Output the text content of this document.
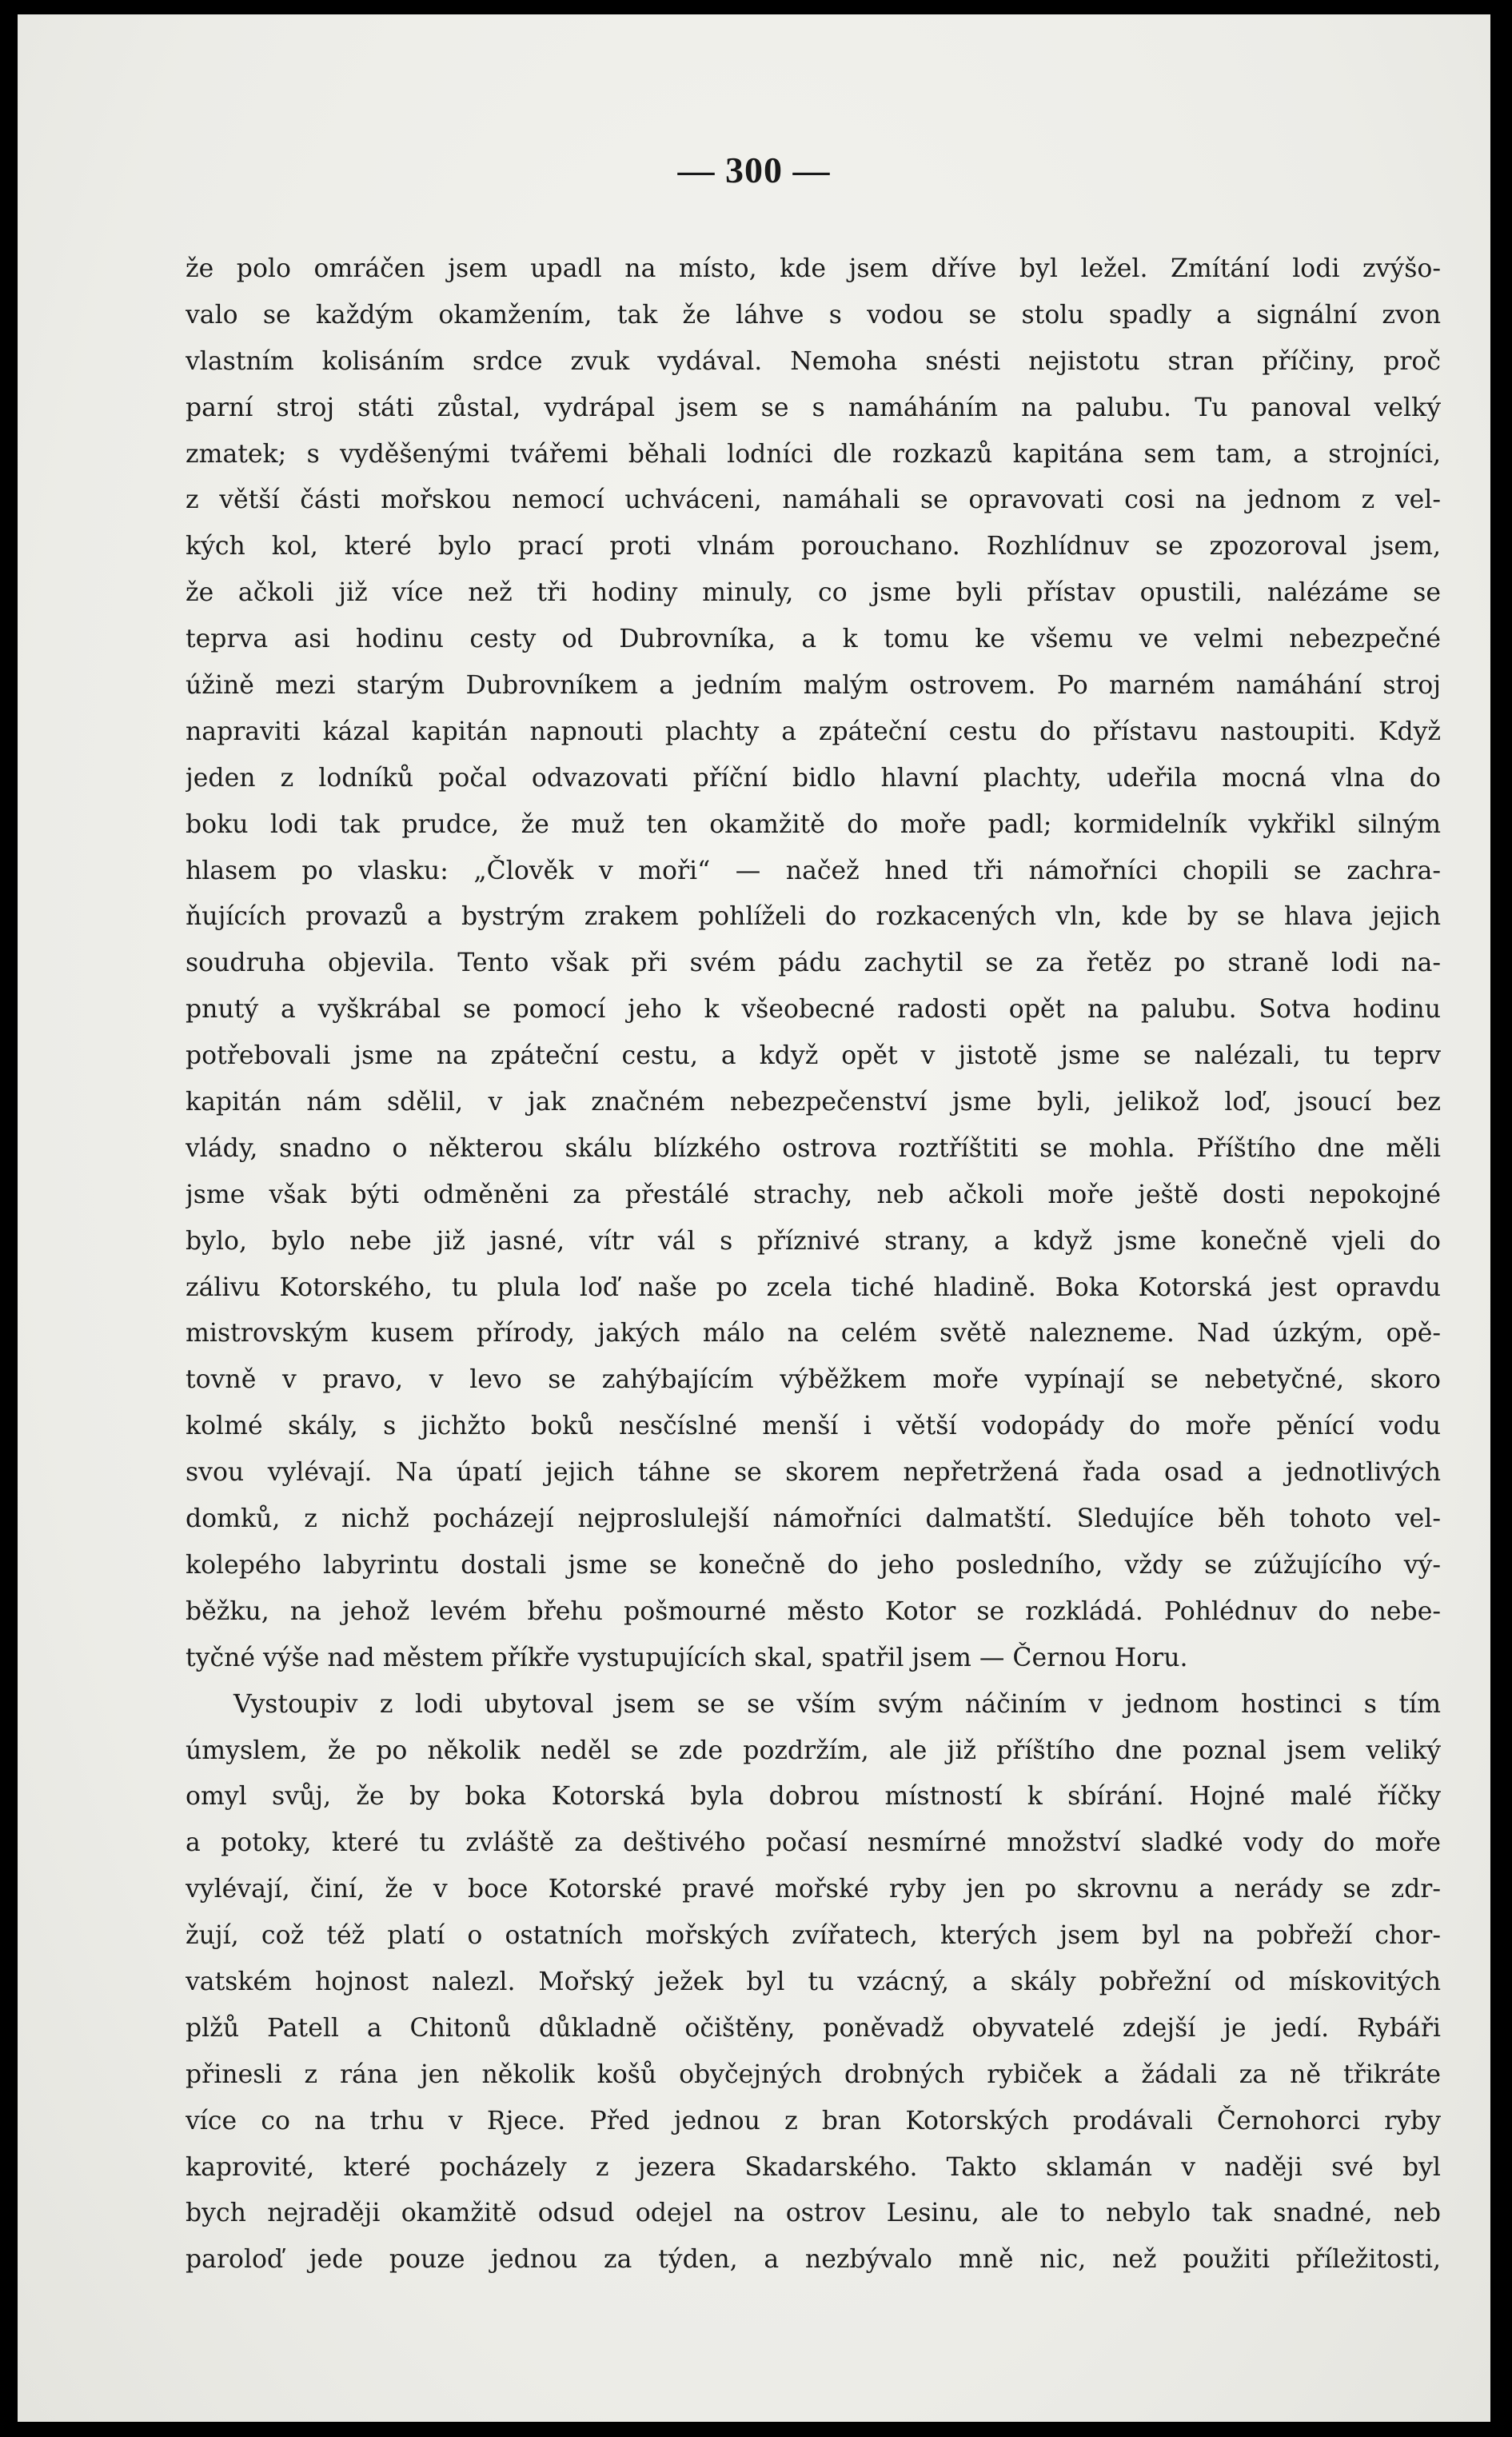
— 300 —
že polo omráčen jsem upadl na místo, kde jsem dříve byl ležel. Zmítání lodi zvýšo-
valo se každým okamžením, tak že láhve s vodou se stolu spadly a signální zvon
vlastním kolisáním srdce zvuk vydával. Nemoha snésti nejistotu stran příčiny, proč
parní stroj státi zůstal, vydrápal jsem se s namáháním na palubu. Tu panoval velký
zmatek; s vyděšenými tvářemi běhali lodníci dle rozkazů kapitána sem tam, a strojníci,
z větší části mořskou nemocí uchváceni, namáhali se opravovati cosi na jednom z vel-
kých kol, které bylo prací proti vlnám porouchano. Rozhlídnuv se zpozoroval jsem,
že ačkoli již více než tři hodiny minuly, co jsme byli přístav opustili, nalézáme se
teprva asi hodinu cesty od Dubrovníka, a k tomu ke všemu ve velmi nebezpečné
úžině mezi starým Dubrovníkem a jedním malým ostrovem. Po marném namáhání stroj
napraviti kázal kapitán napnouti plachty a zpáteční cestu do přístavu nastoupiti. Když
jeden z lodníků počal odvazovati příční bidlo hlavní plachty, udeřila mocná vlna do
boku lodi tak prudce, že muž ten okamžitě do moře padl; kormidelník vykřikl silným
hlasem po vlasku: „Člověk v moři“ — načež hned tři námořníci chopili se zachra-
ňujících provazů a bystrým zrakem pohlíželi do rozkacených vln, kde by se hlava jejich
soudruha objevila. Tento však při svém pádu zachytil se za řetěz po straně lodi na-
pnutý a vyškrábal se pomocí jeho k všeobecné radosti opět na palubu. Sotva hodinu
potřebovali jsme na zpáteční cestu, a když opět v jistotě jsme se nalézali, tu teprv
kapitán nám sdělil, v jak značném nebezpečenství jsme byli, jelikož loď, jsoucí bez
vlády, snadno o některou skálu blízkého ostrova roztříštiti se mohla. Příštího dne měli
jsme však býti odměněni za přestálé strachy, neb ačkoli moře ještě dosti nepokojné
bylo, bylo nebe již jasné, vítr vál s příznivé strany, a když jsme konečně vjeli do
zálivu Kotorského, tu plula loď naše po zcela tiché hladině. Boka Kotorská jest opravdu
mistrovským kusem přírody, jakých málo na celém světě nalezneme. Nad úzkým, opě-
tovně v pravo, v levo se zahýbajícím výběžkem moře vypínají se nebetyčné, skoro
kolmé skály, s jichžto boků nesčíslné menší i větší vodopády do moře pěnící vodu
svou vylévají. Na úpatí jejich táhne se skorem nepřetržená řada osad a jednotlivých
domků, z nichž pocházejí nejproslulejší námořníci dalmatští. Sledujíce běh tohoto vel-
kolepého labyrintu dostali jsme se konečně do jeho posledního, vždy se zúžujícího vý-
běžku, na jehož levém břehu pošmourné město Kotor se rozkládá. Pohlédnuv do nebe-
tyčné výše nad městem příkře vystupujících skal, spatřil jsem — Černou Horu.
Vystoupiv z lodi ubytoval jsem se se vším svým náčiním v jednom hostinci s tím
úmyslem, že po několik neděl se zde pozdržím, ale již příštího dne poznal jsem veliký
omyl svůj, že by boka Kotorská byla dobrou místností k sbírání. Hojné malé říčky
a potoky, které tu zvláště za deštivého počasí nesmírné množství sladké vody do moře
vylévají, činí, že v boce Kotorské pravé mořské ryby jen po skrovnu a nerády se zdr-
žují, což též platí o ostatních mořských zvířatech, kterých jsem byl na pobřeží chor-
vatském hojnost nalezl. Mořský ježek byl tu vzácný, a skály pobřežní od mískovitých
plžů Patell a Chitonů důkladně očištěny, poněvadž obyvatelé zdejší je jedí. Rybáři
přinesli z rána jen několik košů obyčejných drobných rybiček a žádali za ně třikráte
více co na trhu v Rjece. Před jednou z bran Kotorských prodávali Černohorci ryby
kaprovité, které pocházely z jezera Skadarského. Takto sklamán v naději své byl
bych nejraději okamžitě odsud odejel na ostrov Lesinu, ale to nebylo tak snadné, neb
paroloď jede pouze jednou za týden, a nezbývalo mně nic, než použiti příležitosti,
